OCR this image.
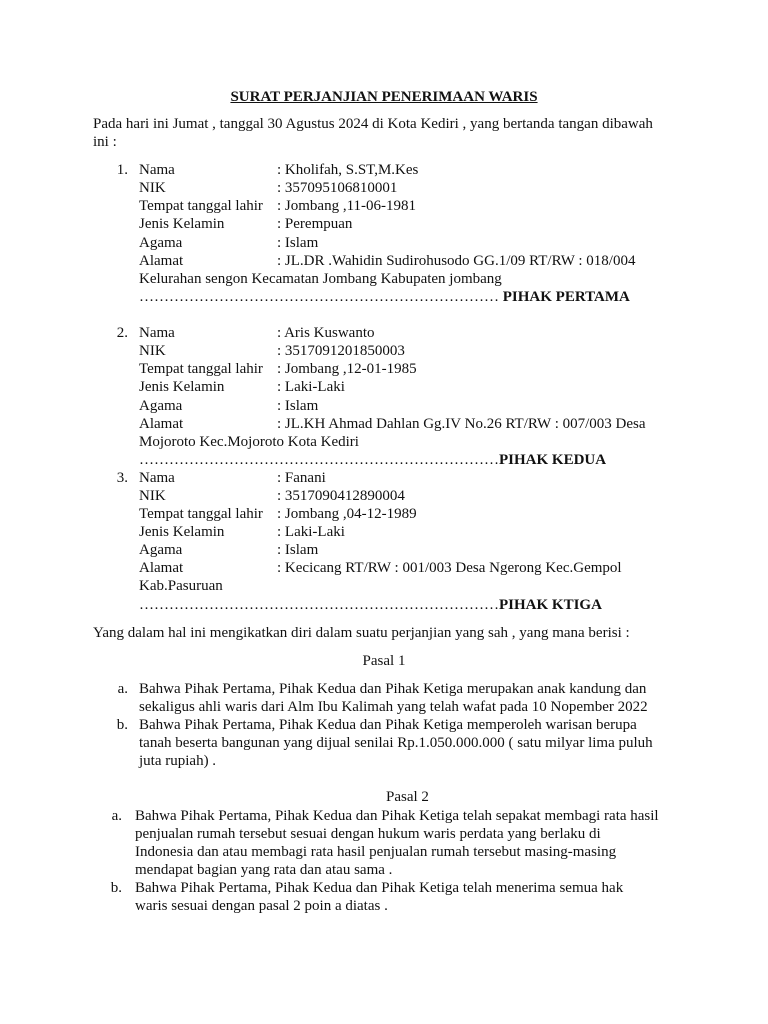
SURAT PERJANJIAN PENERIMAAN WARIS
Pada hari ini Jumat , tanggal 30 Agustus 2024 di Kota Kediri , yang bertanda tangan dibawah
ini :
1. Nama	: Kholifah, S.ST,M.Kes
NIK	: 357095106810001
Tempat tanggal lahir : Jombang ,11-06-1981
Jenis Kelamin	: Perempuan
Agama	: Islam
Alamat	: JL.DR .Wahidin Sudirohusodo GG.1/09 RT/RW : 018/004
Kelurahan sengon Kecamatan Jombang Kabupaten jombang
……………………………………………………………… PIHAK PERTAMA
2. Nama	: Aris Kuswanto
NIK	: 3517091201850003
Tempat tanggal lahir : Jombang ,12-01-1985
Jenis Kelamin	: Laki-Laki
Agama	: Islam
Alamat	: JL.KH Ahmad Dahlan Gg.IV No.26 RT/RW : 007/003 Desa
Mojoroto Kec.Mojoroto Kota Kediri
………………………………………………………………PIHAK KEDUA
3. Nama	: Fanani
NIK	: 3517090412890004
Tempat tanggal lahir : Jombang ,04-12-1989
Jenis Kelamin	: Laki-Laki
Agama	: Islam
Alamat	: Kecicang RT/RW : 001/003 Desa Ngerong Kec.Gempol
Kab.Pasuruan
………………………………………………………………PIHAK KTIGA
Yang dalam hal ini mengikatkan diri dalam suatu perjanjian yang sah , yang mana berisi :
Pasal 1
a. Bahwa Pihak Pertama, Pihak Kedua dan Pihak Ketiga merupakan anak kandung dan
sekaligus ahli waris dari Alm Ibu Kalimah yang telah wafat pada 10 Nopember 2022
b. Bahwa Pihak Pertama, Pihak Kedua dan Pihak Ketiga memperoleh warisan berupa
tanah beserta bangunan yang dijual senilai Rp.1.050.000.000 ( satu milyar lima puluh
juta rupiah) .
Pasal 2
a. Bahwa Pihak Pertama, Pihak Kedua dan Pihak Ketiga telah sepakat membagi rata hasil
penjualan rumah tersebut sesuai dengan hukum waris perdata yang berlaku di
Indonesia dan atau membagi rata hasil penjualan rumah tersebut masing-masing
mendapat bagian yang rata dan atau sama .
b. Bahwa Pihak Pertama, Pihak Kedua dan Pihak Ketiga telah menerima semua hak
waris sesuai dengan pasal 2 poin a diatas .
